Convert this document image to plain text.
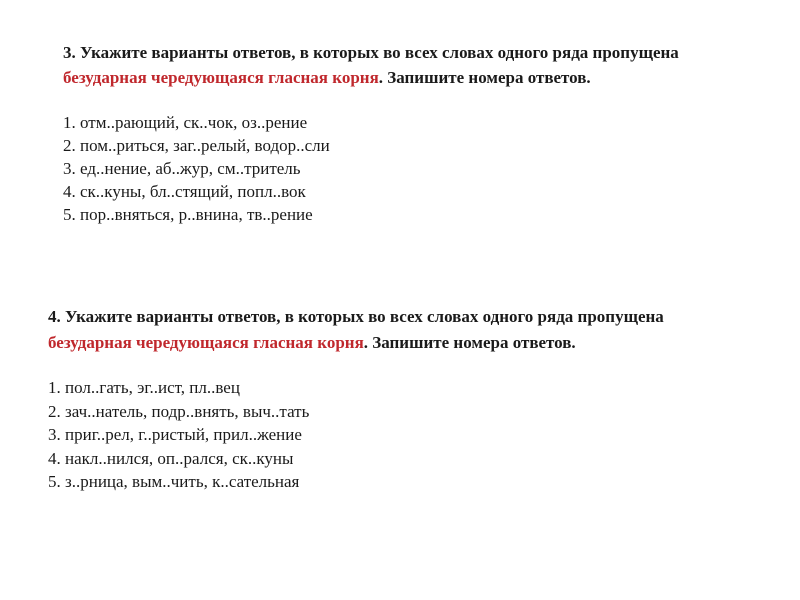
3. Укажите варианты ответов, в которых во всех словах одного ряда пропущена безударная чередующаяся гласная корня. Запишите номера ответов.

1. отм..рающий, ск..чок, оз..рение
2. пом..риться, заг..релый, водор..сли
3. ед..нение, аб..жур, см..тритель
4. ск..куны, бл..стящий, попл..вок
5. пор..вняться, р..внина, тв..рение

4. Укажите варианты ответов, в которых во всех словах одного ряда пропущена безударная чередующаяся гласная корня. Запишите номера ответов.

1. пол..гать, эг..ист, пл..вец
2. зач..натель, подр..внять, выч..тать
3. приг..рел, г..ристый, прил..жение
4. накл..нился, оп..рался, ск..куны
5. з..рница, вым..чить, к..сательная
